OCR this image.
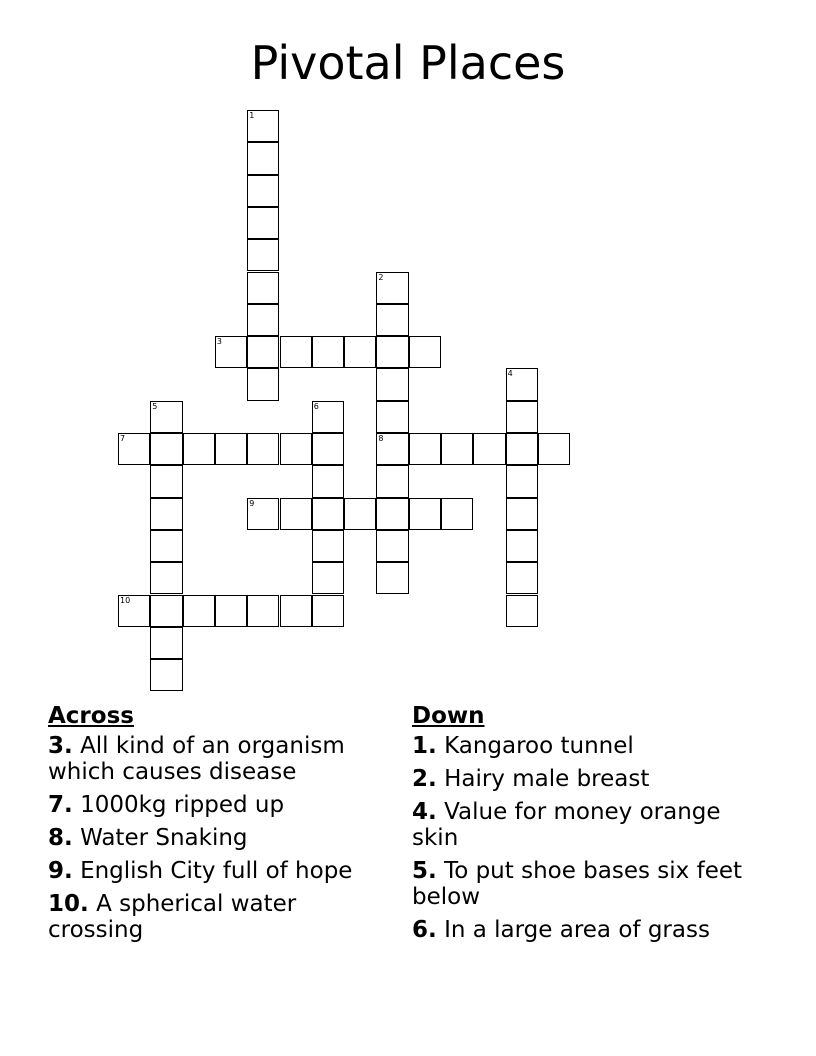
Pivotal Places
1
2
8
3
4
5	6
7
9
10
Across
3. All kind of an organism which causes disease
7. 1000kg ripped up
8. Water Snaking
9. English City full of hope
10. A spherical water crossing
Down
1. Kangaroo tunnel
2. Hairy male breast
4. Value for money orange skin
5. To put shoe bases six feet below
6. In a large area of grass
